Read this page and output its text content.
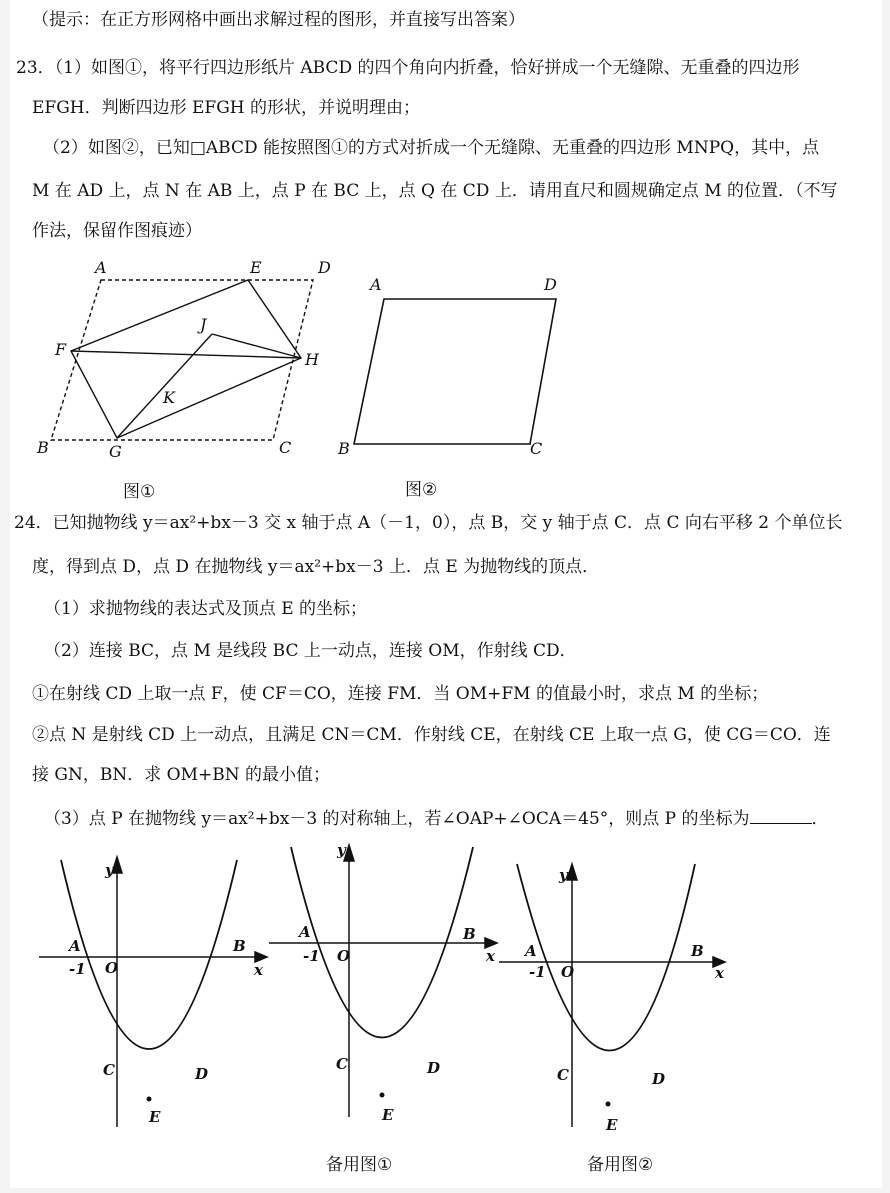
（提示：在正方形网格中画出求解过程的图形，并直接写出答案）
23．（1）如图①，将平行四边形纸片 ABCD 的四个角向内折叠，恰好拼成一个无缝隙、无重叠的四边形
EFGH．判断四边形 EFGH 的形状，并说明理由；
（2）如图②，已知□ABCD 能按照图①的方式对折成一个无缝隙、无重叠的四边形 MNPQ，其中，点
M 在 AD 上，点 N 在 AB 上，点 P 在 BC 上，点 Q 在 CD 上．请用直尺和圆规确定点 M 的位置．（不写
作法，保留作图痕迹）
A	E	D
J
F
H
K
B	G	C
图①
A	D
B	C
图②
24．已知抛物线 y＝ax²+bx－3 交 x 轴于点 A（－1，0），点 B，交 y 轴于点 C．点 C 向右平移 2 个单位长
度，得到点 D，点 D 在抛物线 y＝ax²+bx－3 上．点 E 为抛物线的顶点．
（1）求抛物线的表达式及顶点 E 的坐标；
（2）连接 BC，点 M 是线段 BC 上一动点，连接 OM，作射线 CD．
①在射线 CD 上取一点 F，使 CF＝CO，连接 FM．当 OM+FM 的值最小时，求点 M 的坐标；
②点 N 是射线 CD 上一动点，且满足 CN＝CM．作射线 CE，在射线 CE 上取一点 G，使 CG＝CO．连
接 GN，BN．求 OM+BN 的最小值；
（3）点 P 在抛物线 y＝ax²+bx－3 的对称轴上，若∠OAP+∠OCA＝45°，则点 P 的坐标为	．
y
x
A
-1 O
B
C	D
E
y
x
A
-1 O
B
C	D
E
备用图①
y
x
A
-1 O
B
C	D
E
备用图②
